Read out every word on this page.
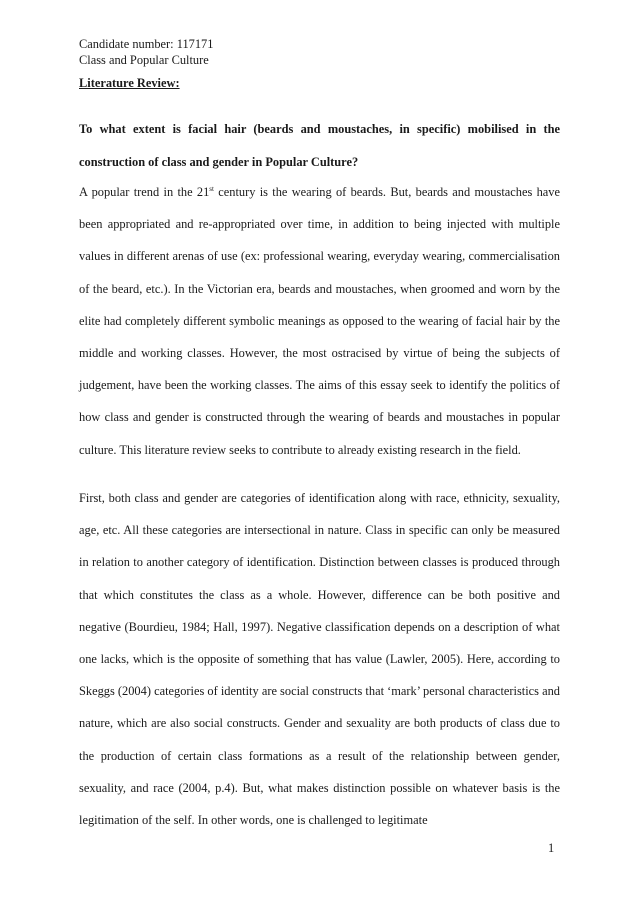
Candidate number: 117171
Class and Popular Culture
Literature Review:

To what extent is facial hair (beards and moustaches, in specific) mobilised in the construction of class and gender in Popular Culture?

A popular trend in the 21st century is the wearing of beards. But, beards and moustaches have been appropriated and re-appropriated over time, in addition to being injected with multiple values in different arenas of use (ex: professional wearing, everyday wearing, commercialisation of the beard, etc.). In the Victorian era, beards and moustaches, when groomed and worn by the elite had completely different symbolic meanings as opposed to the wearing of facial hair by the middle and working classes. However, the most ostracised by virtue of being the subjects of judgement, have been the working classes. The aims of this essay seek to identify the politics of how class and gender is constructed through the wearing of beards and moustaches in popular culture. This literature review seeks to contribute to already existing research in the field.

First, both class and gender are categories of identification along with race, ethnicity, sexuality, age, etc. All these categories are intersectional in nature. Class in specific can only be measured in relation to another category of identification. Distinction between classes is produced through that which constitutes the class as a whole. However, difference can be both positive and negative (Bourdieu, 1984; Hall, 1997). Negative classification depends on a description of what one lacks, which is the opposite of something that has value (Lawler, 2005). Here, according to Skeggs (2004) categories of identity are social constructs that ‘mark’ personal characteristics and nature, which are also social constructs. Gender and sexuality are both products of class due to the production of certain class formations as a result of the relationship between gender, sexuality, and race (2004, p.4). But, what makes distinction possible on whatever basis is the legitimation of the self. In other words, one is challenged to legitimate

1
